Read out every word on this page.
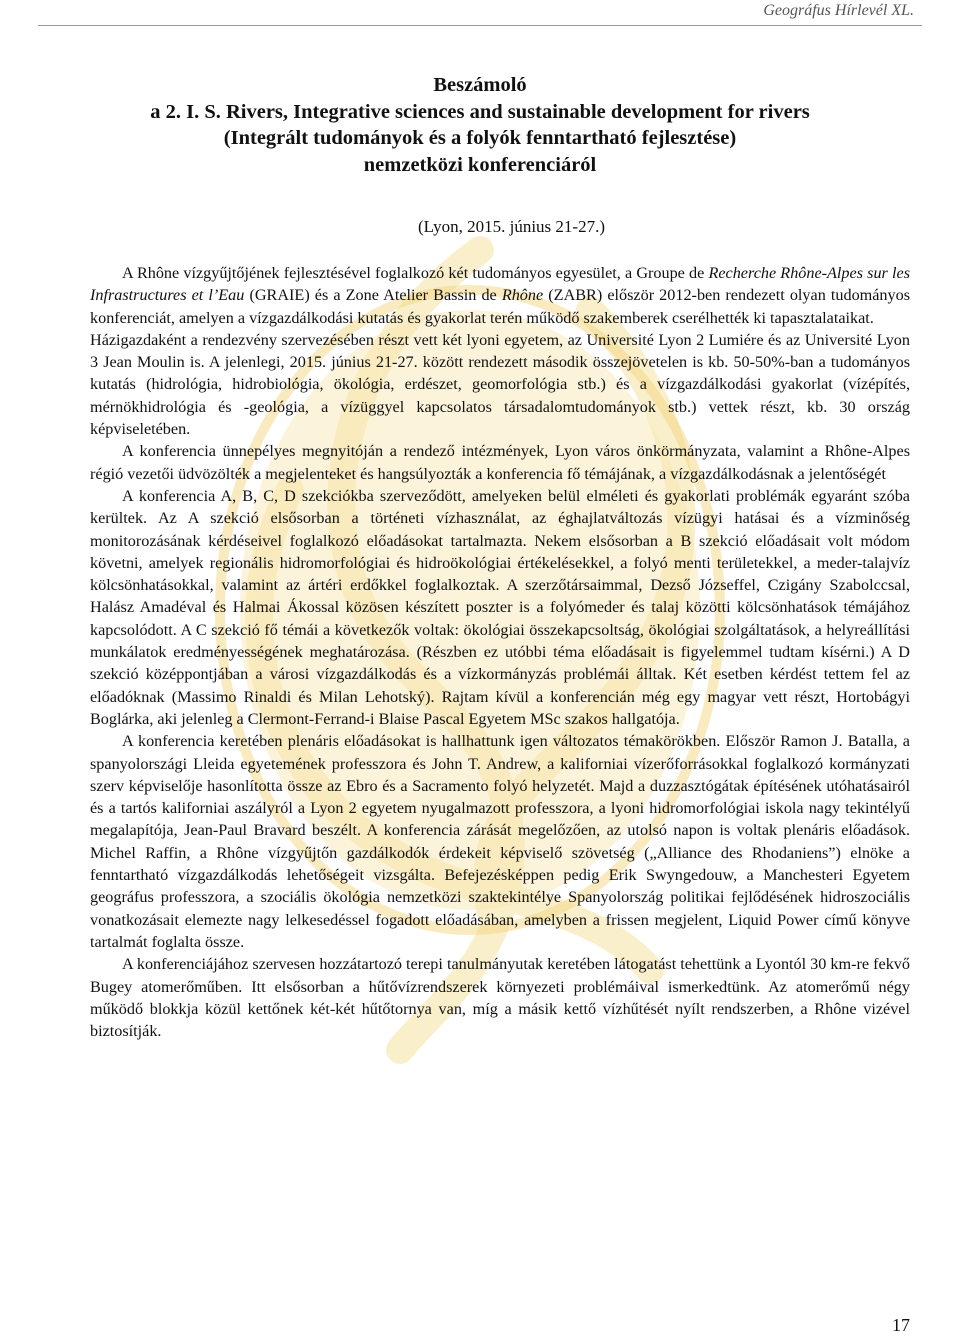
Geográfus Hírlevél XL.
Beszámoló
a 2. I. S. Rivers, Integrative sciences and sustainable development for rivers
(Integrált tudományok és a folyók fenntartható fejlesztése)
nemzetközi konferenciáról
(Lyon, 2015. június 21-27.)

A Rhône vízgyűjtőjének fejlesztésével foglalkozó két tudományos egyesület, a Groupe de Recherche Rhône-Alpes sur les Infrastructures et l’Eau (GRAIE) és a Zone Atelier Bassin de Rhône (ZABR) először 2012-ben rendezett olyan tudományos konferenciát, amelyen a vízgazdálkodási kutatás és gyakorlat terén működő szakemberek cserélhették ki tapasztalataikat.

Házigazdaként a rendezvény szervezésében részt vett két lyoni egyetem, az Université Lyon 2 Lumiére és az Université Lyon 3 Jean Moulin is. A jelenlegi, 2015. június 21-27. között rendezett második összejövetelen is kb. 50-50%-ban a tudományos kutatás (hidrológia, hidrobiológia, ökológia, erdészet, geomorfológia stb.) és a vízgazdálkodási gyakorlat (vízépítés, mérnökhidrológia és -geológia, a vízüggyel kapcsolatos társadalomtudományok stb.) vettek részt, kb. 30 ország képviseletében.

A konferencia ünnepélyes megnyitóján a rendező intézmények, Lyon város önkörmányzata, valamint a Rhône-Alpes régió vezetői üdvözölték a megjelenteket és hangsúlyozták a konferencia fő témájának, a vízgazdálkodásnak a jelentőségét

A konferencia A, B, C, D szekciókba szerveződött, amelyeken belül elméleti és gyakorlati problémák egyaránt szóba kerültek. Az A szekció elsősorban a történeti vízhasználat, az éghajlatváltozás vízügyi hatásai és a vízminőség monitorozásának kérdéseivel foglalkozó előadásokat tartalmazta. Nekem elsősorban a B szekció előadásait volt módom követni, amelyek regionális hidromorfológiai és hidroökológiai értékelésekkel, a folyó menti területekkel, a meder-talajvíz kölcsönhatásokkal, valamint az ártéri erdőkkel foglalkoztak. A szerzőtársaimmal, Dezső Józseffel, Czigány Szabolccsal, Halász Amadéval és Halmai Ákossal közösen készített poszter is a folyómeder és talaj közötti kölcsönhatások témájához kapcsolódott. A C szekció fő témái a következők voltak: ökológiai összekapcsoltság, ökológiai szolgáltatások, a helyreállítási munkálatok eredményességének meghatározása. (Részben ez utóbbi téma előadásait is figyelemmel tudtam kísérni.) A D szekció középpontjában a városi vízgazdálkodás és a vízkormányzás problémái álltak. Két esetben kérdést tettem fel az előadóknak (Massimo Rinaldi és Milan Lehotský). Rajtam kívül a konferencián még egy magyar vett részt, Hortobágyi Boglárka, aki jelenleg a Clermont-Ferrand-i Blaise Pascal Egyetem MSc szakos hallgatója.

A konferencia keretében plenáris előadásokat is hallhattunk igen változatos témakörökben. Először Ramon J. Batalla, a spanyolországi Lleida egyetemének professzora és John T. Andrew, a kaliforniai vízerőforrásokkal foglalkozó kormányzati szerv képviselője hasonlította össze az Ebro és a Sacramento folyó helyzetét. Majd a duzzasztógátak építésének utóhatásairól és a tartós kaliforniai aszályról a Lyon 2 egyetem nyugalmazott professzora, a lyoni hidromorfológiai iskola nagy tekintélyű megalapítója, Jean-Paul Bravard beszélt. A konferencia zárását megelőzően, az utolsó napon is voltak plenáris előadások. Michel Raffin, a Rhône vízgyűjtőn gazdálkodók érdekeit képviselő szövetség („Alliance des Rhodaniens”) elnöke a fenntartható vízgazdálkodás lehetőségeit vizsgálta. Befejezésképpen pedig Erik Swyngedouw, a Manchesteri Egyetem geográfus professzora, a szociális ökológia nemzetközi szaktekintélye Spanyolország politikai fejlődésének hidroszociális vonatkozásait elemezte nagy lelkesedéssel fogadott előadásában, amelyben a frissen megjelent, Liquid Power című könyve tartalmát foglalta össze.

A konferenciájához szervesen hozzátartozó terepi tanulmányutak keretében látogatást tehettünk a Lyontól 30 km-re fekvő Bugey atomerőműben. Itt elsősorban a hűtővízrendszerek környezeti problémáival ismerkedtünk. Az atomerőmű négy működő blokkja közül kettőnek két-két hűtőtornya van, míg a másik kettő vízhűtését nyílt rendszerben, a Rhône vizével biztosítják.

17
